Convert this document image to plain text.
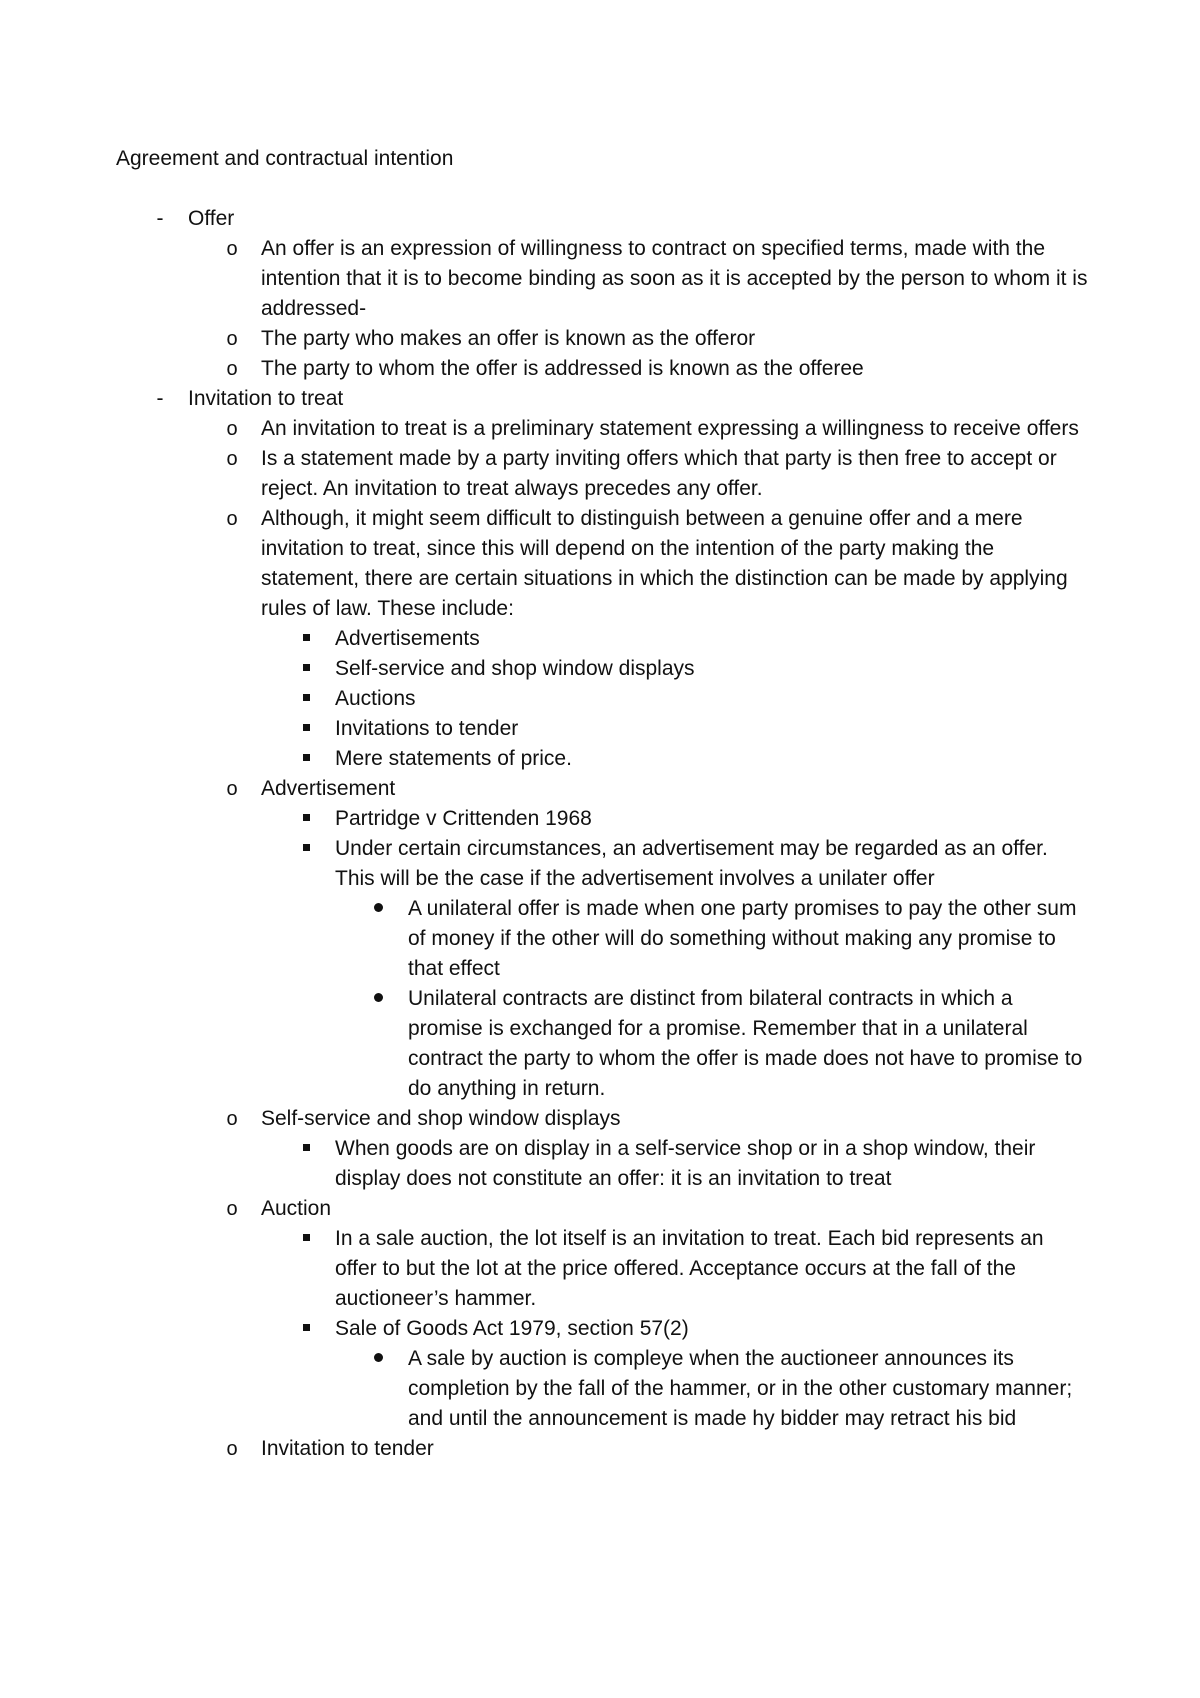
Agreement and contractual intention
-	Offer
o An offer is an expression of willingness to contract on specified terms, made with the intention that it is to become binding as soon as it is accepted by the person to whom it is addressed-
o The party who makes an offer is known as the offeror
o The party to whom the offer is addressed is known as the offeree
-	Invitation to treat
o An invitation to treat is a preliminary statement expressing a willingness to receive offers
o Is a statement made by a party inviting offers which that party is then free to accept or reject. An invitation to treat always precedes any offer.
o Although, it might seem difficult to distinguish between a genuine offer and a mere invitation to treat, since this will depend on the intention of the party making the statement, there are certain situations in which the distinction can be made by applying rules of law. These include:
Advertisements
Self-service and shop window displays
Auctions
Invitations to tender
Mere statements of price.
o Advertisement
Partridge v Crittenden 1968
Under certain circumstances, an advertisement may be regarded as an offer. This will be the case if the advertisement involves a unilater offer
A unilateral offer is made when one party promises to pay the other sum of money if the other will do something without making any promise to that effect
Unilateral contracts are distinct from bilateral contracts in which a promise is exchanged for a promise. Remember that in a unilateral contract the party to whom the offer is made does not have to promise to do anything in return.
o Self-service and shop window displays
When goods are on display in a self-service shop or in a shop window, their display does not constitute an offer: it is an invitation to treat
o Auction
In a sale auction, the lot itself is an invitation to treat. Each bid represents an offer to but the lot at the price offered. Acceptance occurs at the fall of the auctioneer’s hammer.
Sale of Goods Act 1979, section 57(2)
A sale by auction is compleye when the auctioneer announces its completion by the fall of the hammer, or in the other customary manner; and until the announcement is made hy bidder may retract his bid
o Invitation to tender
